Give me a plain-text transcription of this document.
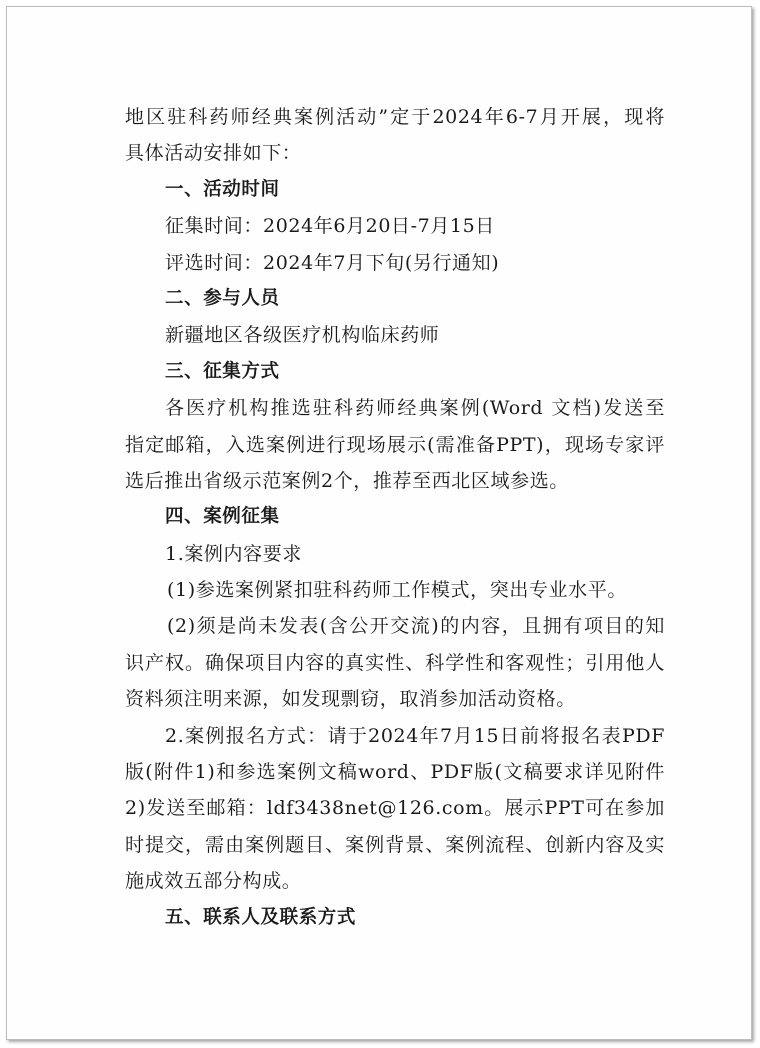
地区驻科药师经典案例活动”定于2024年6-7月开展，现将
具体活动安排如下：
一、活动时间
征集时间：2024年6月20日-7月15日
评选时间：2024年7月下旬(另行通知)
二、参与人员
新疆地区各级医疗机构临床药师
三、征集方式
各医疗机构推选驻科药师经典案例(Word 文档)发送至
指定邮箱，入选案例进行现场展示(需准备PPT)，现场专家评
选后推出省级示范案例2个，推荐至西北区域参选。
四、案例征集
1.案例内容要求
(1)参选案例紧扣驻科药师工作模式，突出专业水平。
(2)须是尚未发表(含公开交流)的内容，且拥有项目的知
识产权。确保项目内容的真实性、科学性和客观性；引用他人
资料须注明来源，如发现剽窃，取消参加活动资格。
2.案例报名方式：请于2024年7月15日前将报名表PDF
版(附件1)和参选案例文稿word、PDF版(文稿要求详见附件
2)发送至邮箱：ldf3438net@126.com。展示PPT可在参加
时提交，需由案例题目、案例背景、案例流程、创新内容及实
施成效五部分构成。
五、联系人及联系方式
